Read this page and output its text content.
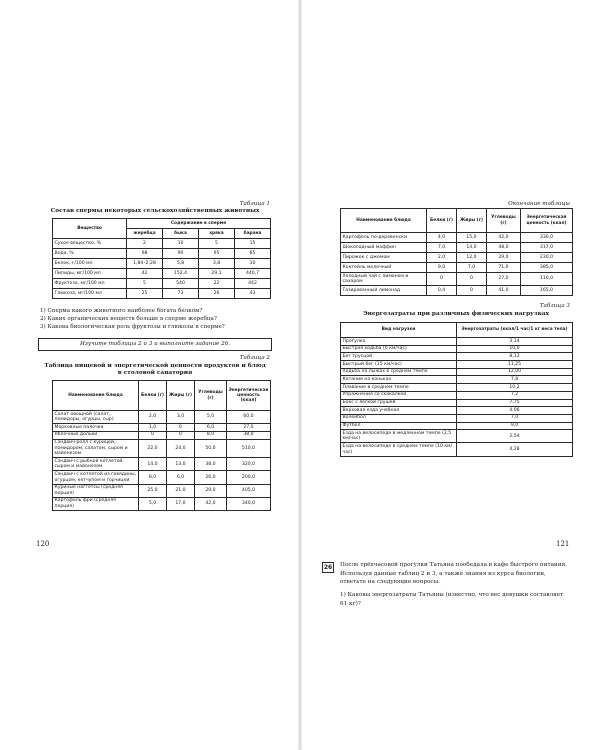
Таблица 1
Состав спермы некоторых сельскохозяйственных животных
Вещество	Содержание в сперме			
	жеребца	быка	хряка	барана
Сухое вещество, %	2	10	5	15
Вода, %	98	90	95	85
Белок, г/100 мл	1,84–2,28	5,8	3,8	10
Липиды, мг/100 мл	42	152,4	29,1	440,7
Фруктоза, мг/100 мл	5	540	22	442
Глюкоза, мг/100 мл	25	73	26	43
1) Сперма какого животного наиболее богата белком?
2) Каких органических веществ больше в сперме жеребца?
3) Какова биологическая роль фруктозы и глюкозы в сперме?
Изучите таблицы 2 и 3 и выполните задание 26.
Таблица 2
Таблица пищевой и энергетической ценности продуктов и блюд
в столовой санатория
Наименование блюда	Белки (г)	Жиры (г)	Углеводы (г)	Энергетическая ценность (ккал)
Салат овощной (салат, помидоры, огурцы, сыр)	2,0	3,0	5,0	60,0
Морковные палочки	1,0	0	6,0	27,0
Яблочные дольки	0	0	8,0	38,0
Сэндвич-ролл с курицей, помидором, салатом, сыром и майонезом	22,0	24,0	50,0	510,0
Сэндвич с рыбной котлетой, сыром и майонезом	14,0	13,0	38,0	320,0
Сэндвич с котлетой из говядины, огурцом, кетчупом и горчицей	8,0	6,0	26,0	200,0
Куриные наггетсы (средняя порция)	25,0	21,0	29,0	405,0
Картофель фри (средняя порция)	5,0	17,0	42,0	340,0
120
Окончание таблицы
Наименование блюда	Белки (г)	Жиры (г)	Углеводы (г)	Энергетическая ценность (ккал)
Картофель по-деревенски	4,0	15,0	42,0	330,0
Шоколадный маффин	7,0	14,0	48,0	317,0
Пирожок с джемом	2,0	12,0	29,0	230,0
Коктейль молочный	9,0	7,0	71,0	385,0
Холодный чай с лимоном и сахаром	0	0	27,0	110,0
Газированный лимонад	0,4	0	41,0	165,0
Таблица 3
Энергозатраты при различных физических нагрузках
Вид нагрузки	Энергозатраты (ккал/1 час/1 кг веса тела)
Прогулка	3,14
Быстрая ходьба (6 км/час)	10,0
Бег трусцой	8,13
Быстрый бег (15 км/час)	11,25
Ходьба на лыжах в среднем темпе	12,00
Катание на коньках	7,8
Плавание в среднем темпе	10,2
Упражнения со скакалкой	7,2
Бокс с лёгкой грушей	7,75
Верховая езда учебная	4,06
Волейбол	7,0
Футбол	9,0
Езда на велосипеде в медленном темпе (2,5 км/час)	2,54
Езда на велосипеде в среднем темпе (10 км/час)	4,28
26	После трёхчасовой прогулки Татьяна пообедала в кафе быстрого питания. Используя данные таблиц 2 и 3, а также знания из курса биологии, ответьте на следующие вопросы.
1) Каковы энергозатраты Татьяны (известно, что вес девушки составляет 61 кг)?
121
